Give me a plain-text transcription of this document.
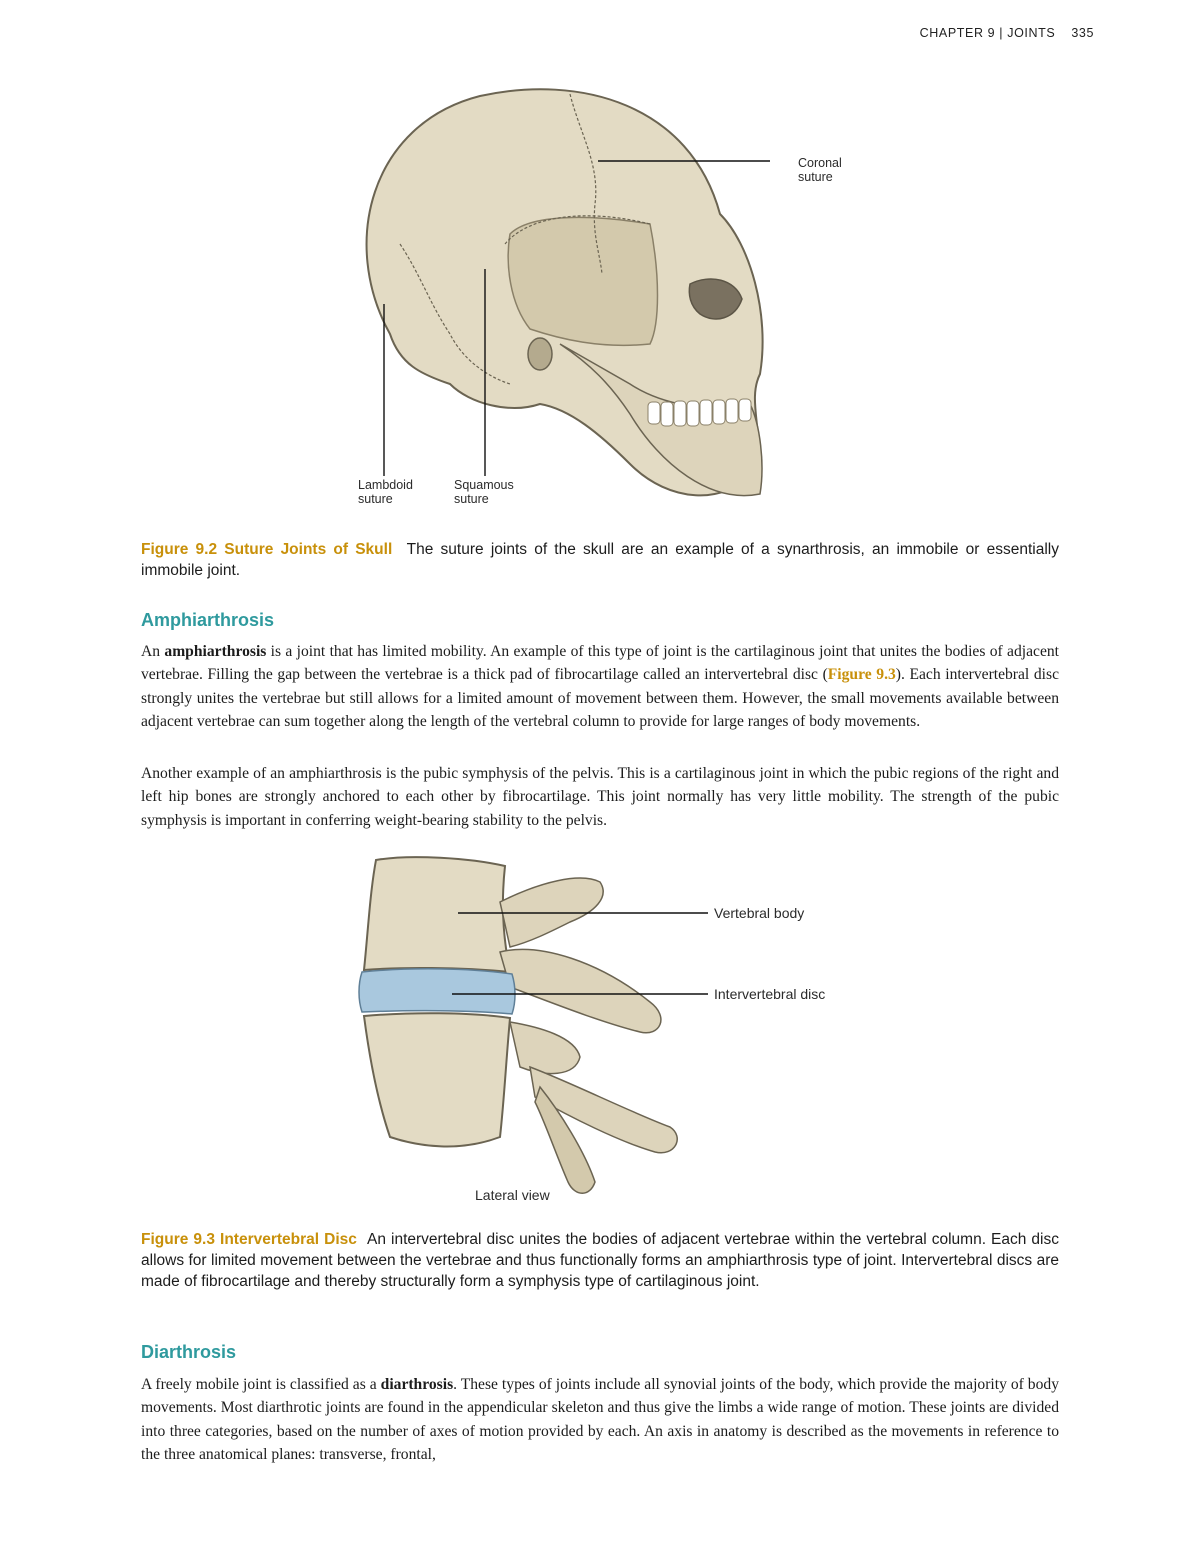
CHAPTER 9 | JOINTS 335
Coronal
suture
Lambdoid
suture
Squamous
suture
Figure 9.2 Suture Joints of Skull The suture joints of the skull are an example of a synarthrosis, an immobile or essentially immobile joint.
Amphiarthrosis

An amphiarthrosis is a joint that has limited mobility. An example of this type of joint is the cartilaginous joint that unites the bodies of adjacent vertebrae. Filling the gap between the vertebrae is a thick pad of fibrocartilage called an intervertebral disc (Figure 9.3). Each intervertebral disc strongly unites the vertebrae but still allows for a limited amount of movement between them. However, the small movements available between adjacent vertebrae can sum together along the length of the vertebral column to provide for large ranges of body movements.

Another example of an amphiarthrosis is the pubic symphysis of the pelvis. This is a cartilaginous joint in which the pubic regions of the right and left hip bones are strongly anchored to each other by fibrocartilage. This joint normally has very little mobility. The strength of the pubic symphysis is important in conferring weight-bearing stability to the pelvis.

Vertebral body
Intervertebral disc
Lateral view
Figure 9.3 Intervertebral Disc An intervertebral disc unites the bodies of adjacent vertebrae within the vertebral column. Each disc allows for limited movement between the vertebrae and thus functionally forms an amphiarthrosis type of joint. Intervertebral discs are made of fibrocartilage and thereby structurally form a symphysis type of cartilaginous joint.
Diarthrosis

A freely mobile joint is classified as a diarthrosis. These types of joints include all synovial joints of the body, which provide the majority of body movements. Most diarthrotic joints are found in the appendicular skeleton and thus give the limbs a wide range of motion. These joints are divided into three categories, based on the number of axes of motion provided by each. An axis in anatomy is described as the movements in reference to the three anatomical planes: transverse, frontal,
